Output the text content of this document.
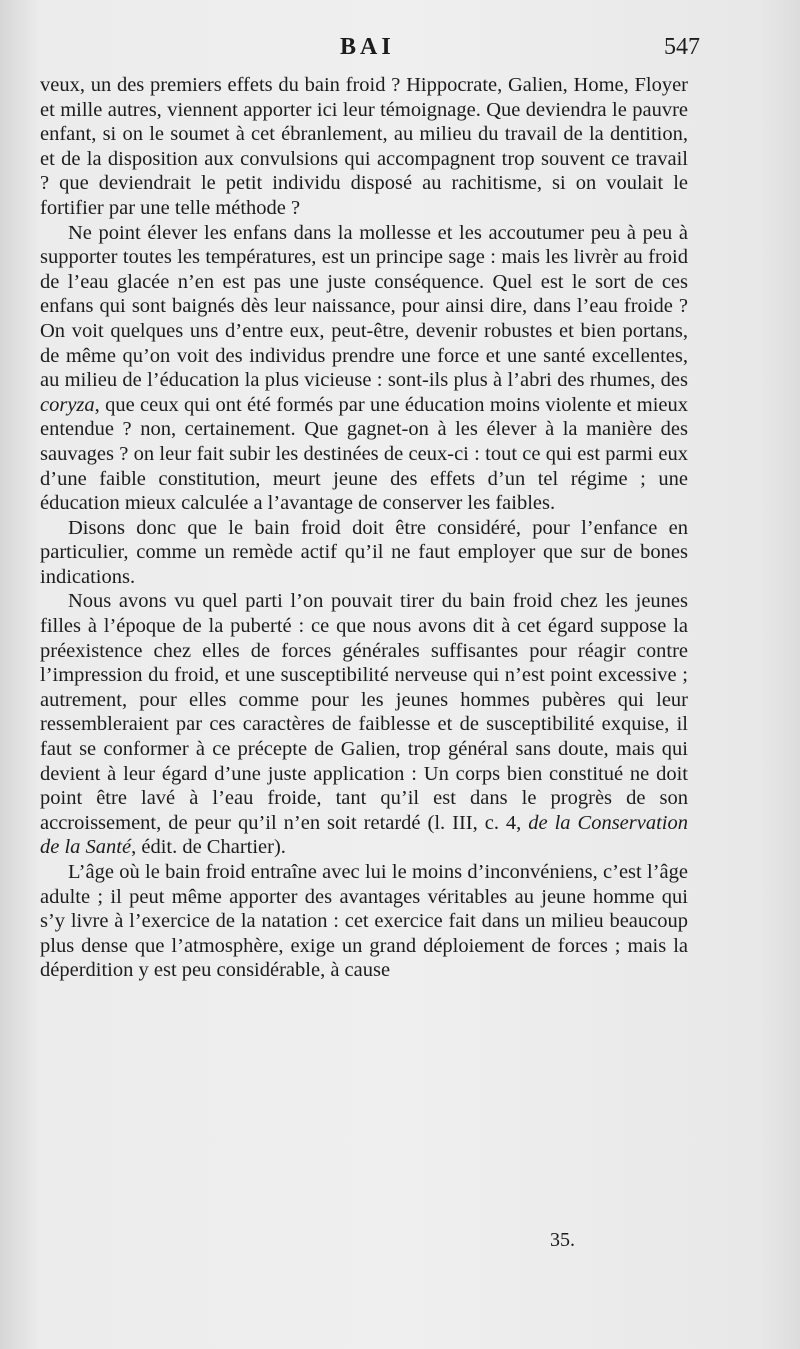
BAI	547

veux, un des premiers effets du bain froid ? Hippocrate, Galien, Home, Floyer et mille autres, viennent apporter ici leur témoignage. Que deviendra le pauvre enfant, si on le soumet à cet ébranlement, au milieu du travail de la dentition, et de la disposition aux convulsions qui accompagnent trop souvent ce travail ? que deviendrait le petit individu disposé au rachitisme, si on voulait le fortifier par une telle méthode ?

Ne point élever les enfans dans la mollesse et les accoutumer peu à peu à supporter toutes les températures, est un principe sage : mais les livrèr au froid de l’eau glacée n’en est pas une juste conséquence. Quel est le sort de ces enfans qui sont baignés dès leur naissance, pour ainsi dire, dans l’eau froide ? On voit quelques uns d’entre eux, peut-être, devenir robustes et bien portans, de même qu’on voit des individus prendre une force et une santé excellentes, au milieu de l’éducation la plus vicieuse : sont-ils plus à l’abri des rhumes, des coryza, que ceux qui ont été formés par une éducation moins violente et mieux entendue ? non, certainement. Que gagnet-on à les élever à la manière des sauvages ? on leur fait subir les destinées de ceux-ci : tout ce qui est parmi eux d’une faible constitution, meurt jeune des effets d’un tel régime ; une éducation mieux calculée a l’avantage de conserver les faibles.

Disons donc que le bain froid doit être considéré, pour l’enfance en particulier, comme un remède actif qu’il ne faut employer que sur de bones indications.

Nous avons vu quel parti l’on pouvait tirer du bain froid chez les jeunes filles à l’époque de la puberté : ce que nous avons dit à cet égard suppose la préexistence chez elles de forces générales suffisantes pour réagir contre l’impression du froid, et une susceptibilité nerveuse qui n’est point excessive ; autrement, pour elles comme pour les jeunes hommes pubères qui leur ressembleraient par ces caractères de faiblesse et de susceptibilité exquise, il faut se conformer à ce précepte de Galien, trop général sans doute, mais qui devient à leur égard d’une juste application : Un corps bien constitué ne doit point être lavé à l’eau froide, tant qu’il est dans le progrès de son accroissement, de peur qu’il n’en soit retardé (l. III, c. 4, de la Conservation de la Santé, édit. de Chartier).

L’âge où le bain froid entraîne avec lui le moins d’inconvéniens, c’est l’âge adulte ; il peut même apporter des avantages véritables au jeune homme qui s’y livre à l’exercice de la natation : cet exercice fait dans un milieu beaucoup plus dense que l’atmosphère, exige un grand déploiement de forces ; mais la déperdition y est peu considérable, à cause

35.
